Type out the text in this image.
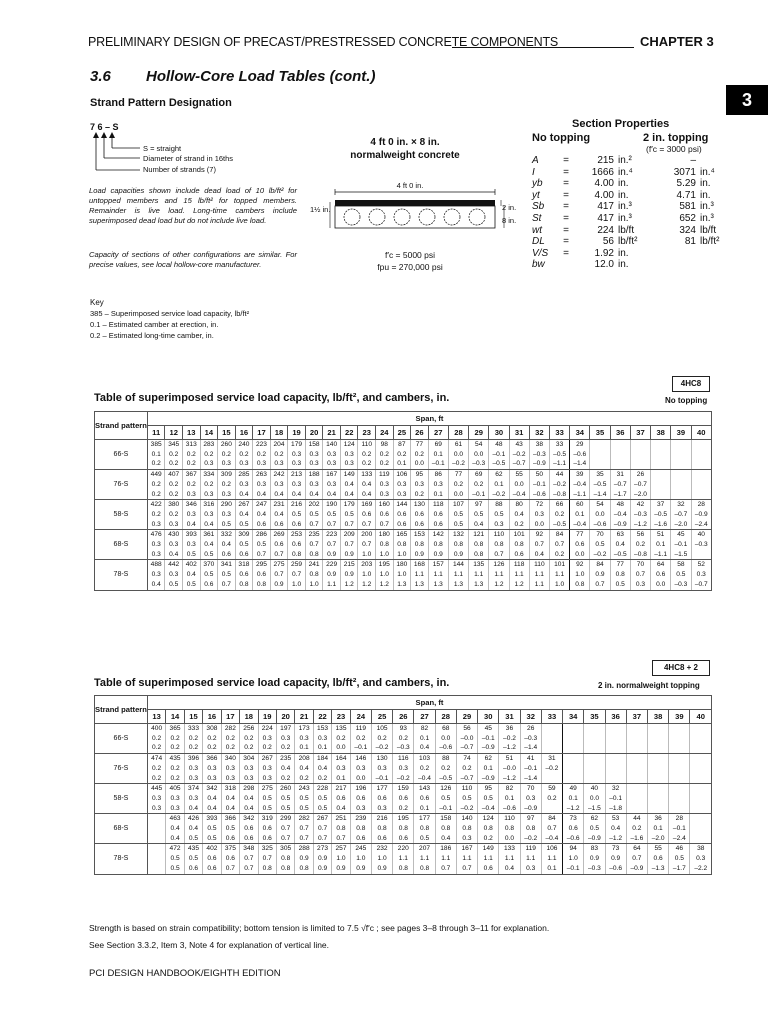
PRELIMINARY DESIGN OF PRECAST/PRESTRESSED CONCRETE COMPONENTS	CHAPTER 3
3
3.6 Hollow-Core Load Tables (cont.)
Strand Pattern Designation
7 6 – S
S = straight
Diameter of strand in 16ths
Number of strands (7)
Load capacities shown include dead load of 10 lb/ft² for untopped members and 15 lb/ft² for topped members. Remainder is live load. Long-time cambers include superimposed dead load but do not include live load.
Capacity of sections of other configurations are similar. For precise values, see local hollow-core manufacturer.
4 ft 0 in. × 8 in.
normalweight concrete
4 ft 0 in.
1½ in.	2 in.
8 in.
f′c = 5000 psi
fpu = 270,000 psi
Section Properties
No topping	2 in. topping
(f′c = 3000 psi)
A	=	215	in.²	–	
I	=	1666	in.⁴	3071	in.⁴
yb	=	4.00	in.	5.29	in.
yt	=	4.00	in.	4.71	in.
Sb	=	417	in.³	581	in.³
St	=	417	in.³	652	in.³
wt	=	224	lb/ft	324	lb/ft
DL	=	56	lb/ft²	81	lb/ft²
V/S	=	1.92	in.		
bw		12.0	in.		
Key
385 – Superimposed service load capacity, lb/ft²
0.1 – Estimated camber at erection, in.
0.2 – Estimated long-time camber, in.
4HC8
No topping
Table of superimposed service load capacity, lb/ft², and cambers, in.
Strand pattern	Span, ft																													
	11	12	13	14	15	16	17	18	19	20	21	22	23	24	25	26	27	28	29	30	31	32	33	34	35	36	37	38	39	40
66-S	385	345	313	283	260	240	223	204	179	158	140	124	110	98	87	77	69	61	54	48	43	38	33	29						
	0.1	0.2	0.2	0.2	0.2	0.2	0.2	0.2	0.3	0.3	0.3	0.3	0.2	0.2	0.2	0.2	0.1	0.0	0.0	–0.1	–0.2	–0.3	–0.5	–0.6						
	0.2	0.2	0.2	0.3	0.3	0.3	0.3	0.3	0.3	0.3	0.3	0.3	0.2	0.2	0.1	0.0	–0.1	–0.2	–0.3	–0.5	–0.7	–0.9	–1.1	–1.4						
76-S	449	407	367	334	309	285	263	242	213	188	167	149	133	119	106	95	86	77	69	62	55	50	44	39	35	31	26			
	0.2	0.2	0.2	0.2	0.2	0.3	0.3	0.3	0.3	0.3	0.3	0.4	0.4	0.3	0.3	0.3	0.3	0.2	0.2	0.1	0.0	–0.1	–0.2	–0.4	–0.5	–0.7	–0.7			
	0.2	0.2	0.3	0.3	0.3	0.4	0.4	0.4	0.4	0.4	0.4	0.4	0.4	0.3	0.3	0.2	0.1	0.0	–0.1	–0.2	–0.4	–0.6	–0.8	–1.1	–1.4	–1.7	–2.0			
58-S	422	380	346	316	290	267	247	231	216	202	190	179	169	160	144	130	118	107	97	88	80	72	66	60	54	48	42	37	32	28
	0.2	0.2	0.3	0.3	0.3	0.4	0.4	0.4	0.5	0.5	0.5	0.5	0.6	0.6	0.6	0.6	0.6	0.5	0.5	0.5	0.4	0.3	0.2	0.1	0.0	–0.4	–0.3	–0.5	–0.7	–0.9
	0.3	0.3	0.4	0.4	0.5	0.5	0.6	0.6	0.6	0.7	0.7	0.7	0.7	0.7	0.6	0.6	0.6	0.5	0.4	0.3	0.2	0.0	–0.5	–0.4	–0.6	–0.9	–1.2	–1.6	–2.0	–2.4
68-S	476	430	393	361	332	309	286	269	253	235	223	209	200	180	165	153	142	132	121	110	101	92	84	77	70	63	56	51	45	40
	0.3	0.3	0.3	0.4	0.4	0.5	0.5	0.6	0.6	0.7	0.7	0.7	0.7	0.8	0.8	0.8	0.8	0.8	0.8	0.8	0.8	0.7	0.7	0.6	0.5	0.4	0.2	0.1	–0.1	–0.3
	0.3	0.4	0.5	0.5	0.6	0.6	0.7	0.7	0.8	0.8	0.9	0.9	1.0	1.0	1.0	0.9	0.9	0.9	0.8	0.7	0.6	0.4	0.2	0.0	–0.2	–0.5	–0.8	–1.1	–1.5	
78-S	488	442	402	370	341	318	295	275	259	241	229	215	203	195	180	168	157	144	135	126	118	110	101	92	84	77	70	64	58	52
	0.3	0.3	0.4	0.5	0.5	0.6	0.6	0.7	0.7	0.8	0.9	0.9	1.0	1.0	1.0	1.1	1.1	1.1	1.1	1.1	1.1	1.1	1.1	1.0	0.9	0.8	0.7	0.6	0.5	0.3
	0.4	0.5	0.5	0.6	0.7	0.8	0.8	0.9	1.0	1.0	1.1	1.2	1.2	1.2	1.3	1.3	1.3	1.3	1.3	1.2	1.2	1.1	1.0	0.8	0.7	0.5	0.3	0.0	–0.3	–0.7
4HC8 + 2
2 in. normalweight topping
Table of superimposed service load capacity, lb/ft², and cambers, in.
Strand pattern	Span, ft																											
	13	14	15	16	17	18	19	20	21	22	23	24	25	26	27	28	29	30	31	32	33	34	35	36	37	38	39	40
66-S	400	365	333	308	282	256	224	197	173	153	135	119	105	93	82	68	56	45	36	26								
	0.2	0.2	0.2	0.2	0.2	0.2	0.3	0.3	0.3	0.3	0.2	0.2	0.2	0.2	0.1	0.0	–0.0	–0.1	–0.2	–0.3								
	0.2	0.2	0.2	0.2	0.2	0.2	0.2	0.2	0.1	0.1	0.0	–0.1	–0.2	–0.3	0.4	–0.6	–0.7	–0.9	–1.2	–1.4								
76-S	474	435	396	366	340	304	267	235	208	184	164	146	130	116	103	88	74	62	51	41	31							
	0.2	0.2	0.3	0.3	0.3	0.3	0.3	0.4	0.4	0.4	0.3	0.3	0.3	0.3	0.2	0.2	0.2	0.1	–0.0	–0.1	–0.2							
	0.2	0.2	0.3	0.3	0.3	0.3	0.3	0.2	0.2	0.2	0.1	0.0	–0.1	–0.2	–0.4	–0.5	–0.7	–0.9	–1.2	–1.4								
58-S	445	405	374	342	318	298	275	260	243	228	217	196	177	159	143	126	110	95	82	70	59	49	40	32				
	0.3	0.3	0.3	0.4	0.4	0.4	0.5	0.5	0.5	0.5	0.6	0.6	0.6	0.6	0.6	0.5	0.5	0.5	0.1	0.3	0.2	0.1	0.0	–0.1				
	0.3	0.3	0.4	0.4	0.4	0.4	0.5	0.5	0.5	0.5	0.4	0.3	0.3	0.2	0.1	–0.1	–0.2	–0.4	–0.6	–0.9		–1.2	–1.5	–1.8				
68-S		463	426	393	366	342	319	299	282	267	251	239	216	195	177	158	140	124	110	97	84	73	62	53	44	36	28	
		0.4	0.4	0.5	0.5	0.6	0.6	0.7	0.7	0.7	0.8	0.8	0.8	0.8	0.8	0.8	0.8	0.8	0.8	0.8	0.7	0.6	0.5	0.4	0.2	0.1	–0.1	
		0.4	0.5	0.5	0.6	0.6	0.6	0.7	0.7	0.7	0.7	0.6	0.6	0.6	0.5	0.4	0.3	0.2	0.0	–0.2	–0.4	–0.6	–0.9	–1.2	–1.6	–2.0	–2.4	
78-S		472	435	402	375	348	325	305	288	273	257	245	232	220	207	186	167	149	133	119	106	94	83	73	64	55	46	38
		0.5	0.5	0.6	0.6	0.7	0.7	0.8	0.9	0.9	1.0	1.0	1.0	1.1	1.1	1.1	1.1	1.1	1.1	1.1	1.1	1.0	0.9	0.9	0.7	0.6	0.5	0.3
		0.5	0.6	0.6	0.7	0.7	0.8	0.8	0.8	0.9	0.9	0.9	0.9	0.8	0.8	0.7	0.7	0.6	0.4	0.3	0.1	–0.1	–0.3	–0.6	–0.9	–1.3	–1.7	–2.2
Strength is based on strain compatibility; bottom tension is limited to 7.5 √f′c ; see pages 3–8 through 3–11 for explanation.
See Section 3.3.2, Item 3, Note 4 for explanation of vertical line.
PCI DESIGN HANDBOOK/EIGHTH EDITION
